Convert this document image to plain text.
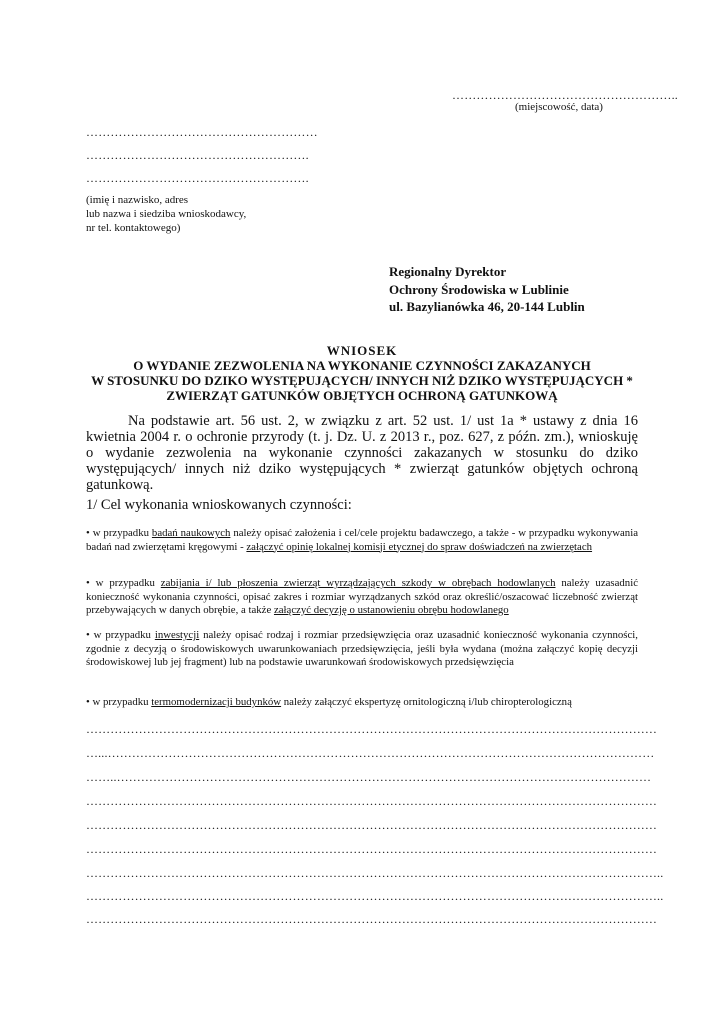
………………………………………………..
(miejscowość, data)
…………………………………………………
……………………………………………….
……………………………………………….
(imię i nazwisko, adres
lub nazwa i siedziba wnioskodawcy,
nr tel. kontaktowego)
Regionalny Dyrektor
Ochrony Środowiska w Lublinie
ul. Bazylianówka 46, 20-144 Lublin
WNIOSEK
O WYDANIE ZEZWOLENIA NA WYKONANIE CZYNNOŚCI ZAKAZANYCH
W STOSUNKU DO DZIKO WYSTĘPUJĄCYCH/ INNYCH NIŻ DZIKO WYSTĘPUJĄCYCH *
ZWIERZĄT GATUNKÓW OBJĘTYCH OCHRONĄ GATUNKOWĄ

Na podstawie art. 56 ust. 2, w związku z art. 52 ust. 1/ ust 1a * ustawy z dnia 16 kwietnia 2004 r. o ochronie przyrody (t. j. Dz. U. z 2013 r., poz. 627, z późn. zm.), wnioskuję o wydanie zezwolenia na wykonanie czynności zakazanych w stosunku do dziko występujących/ innych niż dziko występujących * zwierząt gatunków objętych ochroną gatunkową.

1/ Cel wykonania wnioskowanych czynności:
• w przypadku badań naukowych należy opisać założenia i cel/cele projektu badawczego, a także - w przypadku wykonywania badań nad zwierzętami kręgowymi - załączyć opinię lokalnej komisji etycznej do spraw doświadczeń na zwierzętach
• w przypadku zabijania i/ lub płoszenia zwierząt wyrządzających szkody w obrębach hodowlanych należy uzasadnić konieczność wykonania czynności, opisać zakres i rozmiar wyrządzanych szkód oraz określić/oszacować liczebność zwierząt przebywających w danych obrębie, a także załączyć decyzję o ustanowieniu obrębu hodowlanego
• w przypadku inwestycji należy opisać rodzaj i rozmiar przedsięwzięcia oraz uzasadnić konieczność wykonania czynności, zgodnie z decyzją o środowiskowych uwarunkowaniach przedsięwzięcia, jeśli była wydana (można załączyć kopię decyzji środowiskowej lub jej fragment) lub na podstawie uwarunkowań środowiskowych przedsięwzięcia
• w przypadku termomodernizacji budynków należy załączyć ekspertyzę ornitologiczną i/lub chiropterologiczną
……………………………………………………………………………………………………………………………
…...………………………………………………………………………………………………………………………
……..……………………………………………………………………………………………………………………
……………………………………………………………………………………………………………………………
……………………………………………………………………………………………………………………………
……………………………………………………………………………………………………………………………
……………………………………………………………………………………………………………………………..
……………………………………………………………………………………………………………………………..
……………………………………………………………………………………………………………………………
